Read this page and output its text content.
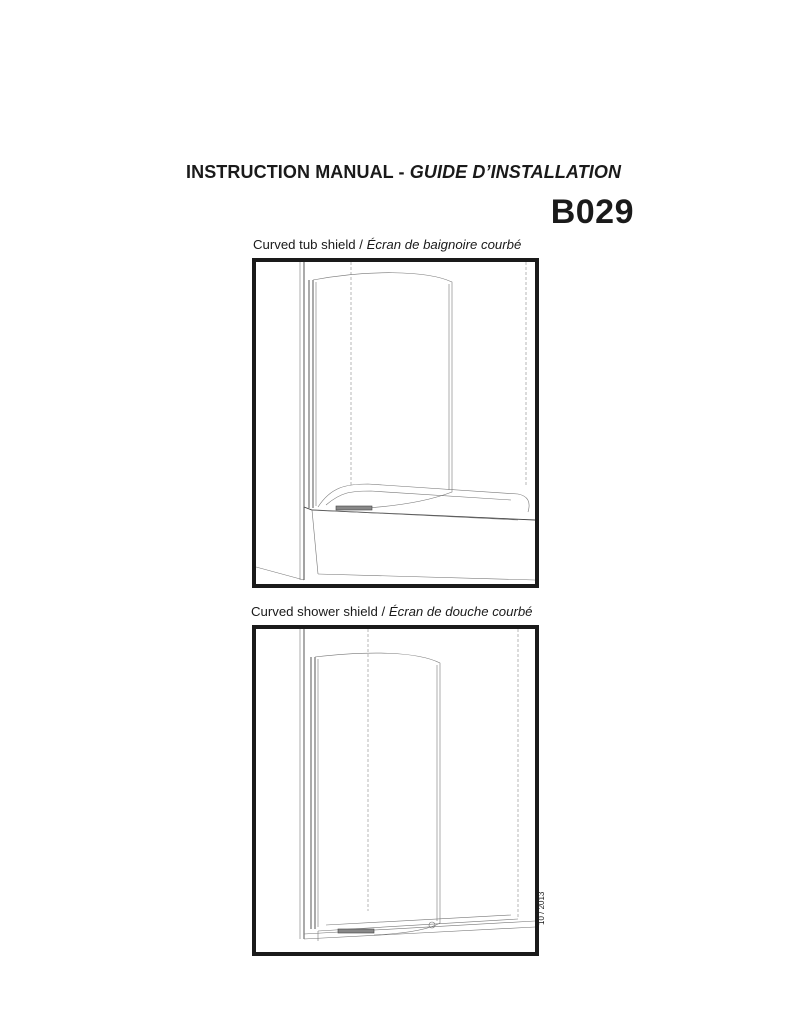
INSTRUCTION MANUAL - GUIDE D’INSTALLATION
B029
Curved tub shield / Écran de baignoire courbé
Curved shower shield / Écran de douche courbé
10 / 2013
